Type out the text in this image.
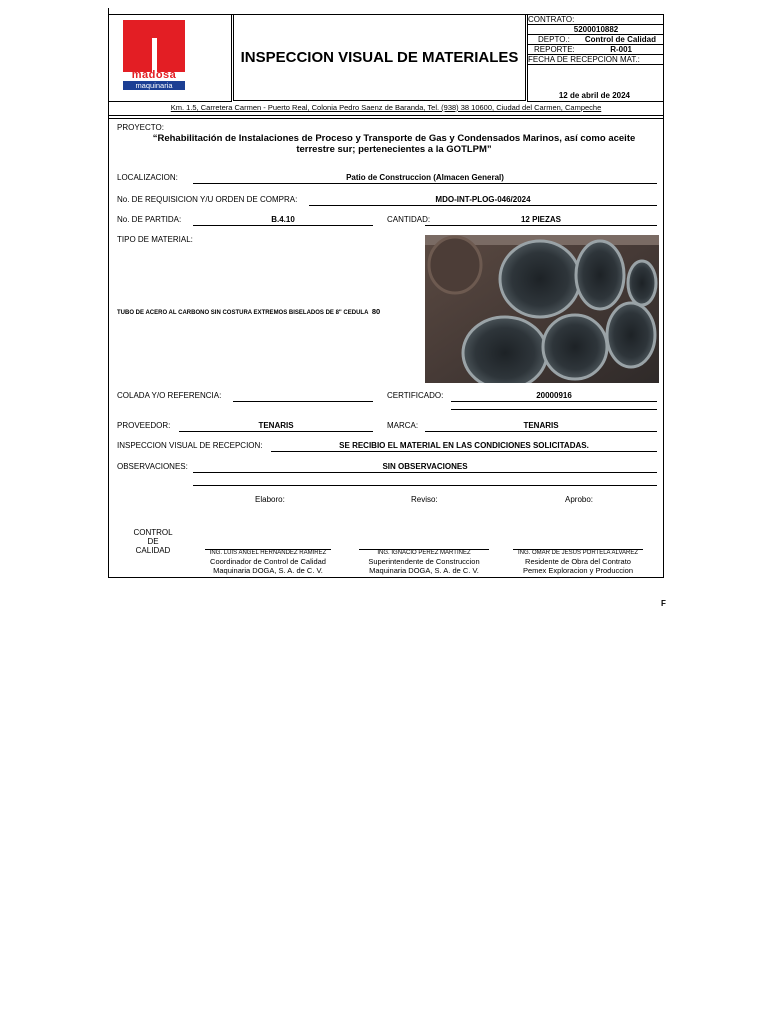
madosa
maquinaria
INSPECCION VISUAL DE MATERIALES
CONTRATO:
5200010882
DEPTO.: Control de Calidad
REPORTE:	R-001
FECHA DE RECEPCION MAT.:
12 de abril de 2024
Km. 1.5, Carretera Carmen - Puerto Real, Colonia Pedro Saenz de Baranda, Tel. (938) 38 10600, Ciudad del Carmen, Campeche
PROYECTO:
“Rehabilitación de Instalaciones de Proceso y Transporte de Gas y Condensados Marinos, así como aceite
terrestre sur; pertenecientes a la GOTLPM”
LOCALIZACION:	Patio de Construccion (Almacen General)
No. DE REQUISICION Y/U ORDEN DE COMPRA:	MDO-INT-PLOG-046/2024
No. DE PARTIDA:	B.4.10	CANTIDAD:	12 PIEZAS
TIPO DE MATERIAL:
TUBO DE ACERO AL CARBONO SIN COSTURA EXTREMOS BISELADOS DE 8" CEDULA 80
COLADA Y/O REFERENCIA:	CERTIFICADO:	20000916
PROVEEDOR:	TENARIS	MARCA:	TENARIS
INSPECCION VISUAL DE RECEPCION:	SE RECIBIO EL MATERIAL EN LAS CONDICIONES SOLICITADAS.
OBSERVACIONES:	SIN OBSERVACIONES
Elaboro:	Reviso:	Aprobo:
CONTROL
DE
CALIDAD	ING. LUIS ANGEL HERNANDEZ RAMIREZ
Coordinador de Control de Calidad
Maquinaria DOGA, S. A. de C. V.
ING. IGNACIO PEREZ MARTINEZ
Superintendente de Construccion
Maquinaria DOGA, S. A. de C. V.
ING. OMAR DE JESUS PORTELA ALVAREZ
Residente de Obra del Contrato
Pemex Exploracion y Produccion
F
